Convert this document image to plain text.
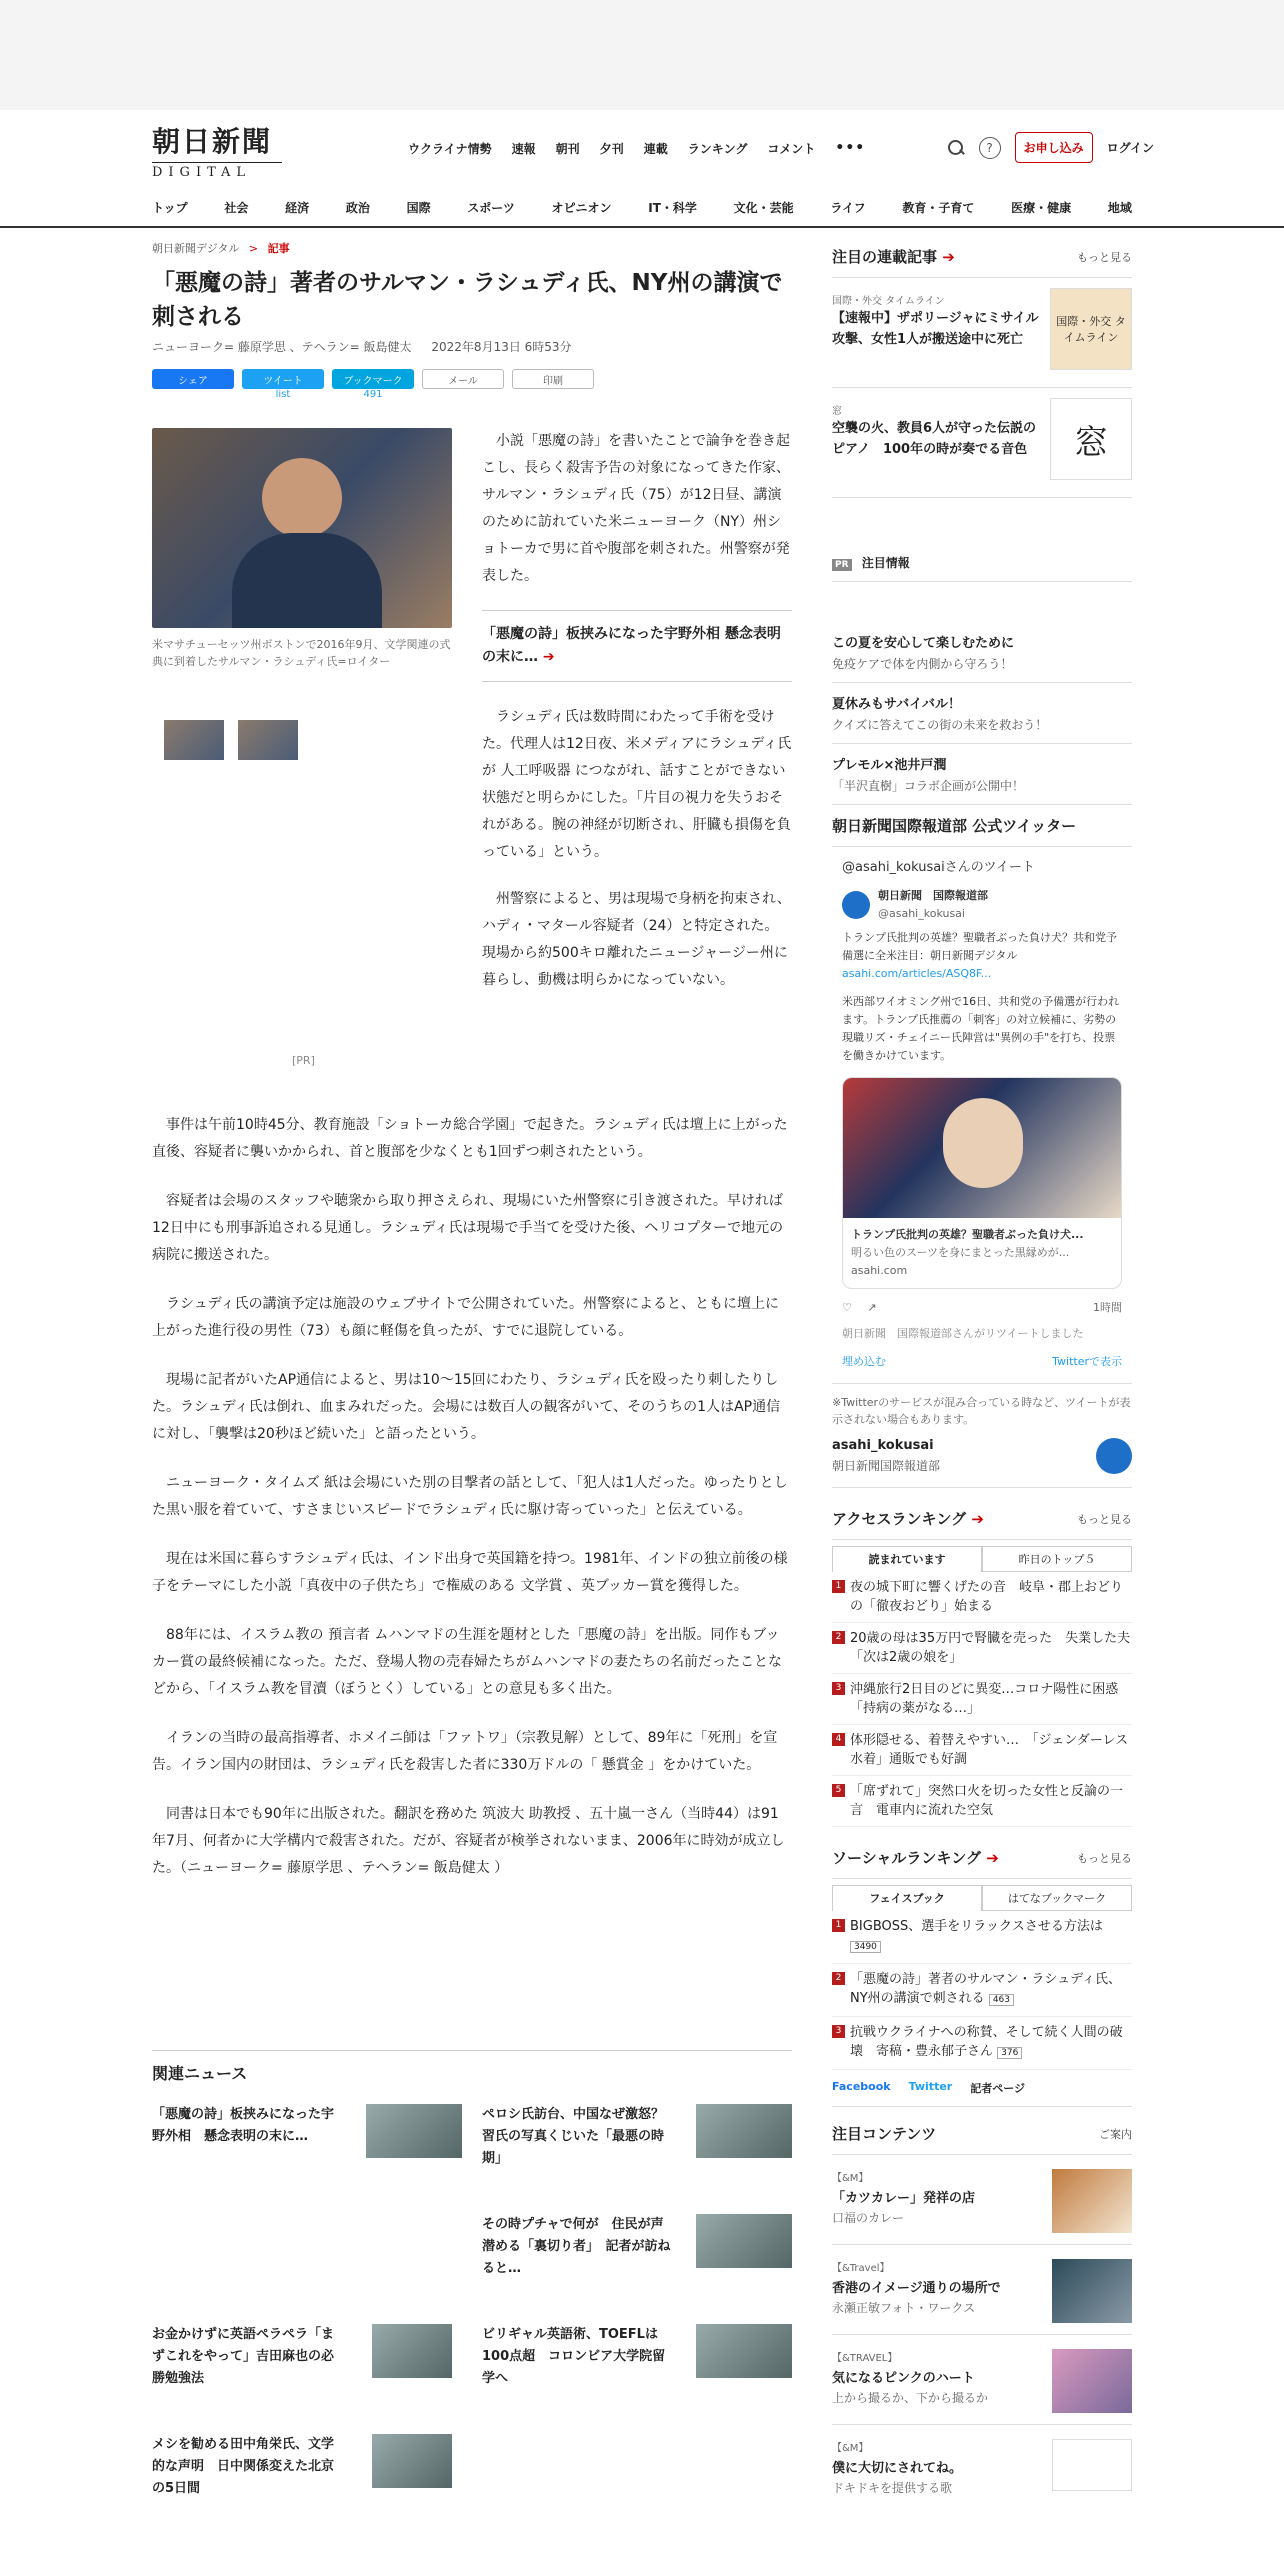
朝日新聞
DIGITAL
ウクライナ情勢 速報 朝刊 夕刊 連載 ランキング コメント •••	?	お申し込み	ログイン
トップ	社会	経済	政治	国際	スポーツ	オピニオン	IT・科学	文化・芸能	ライフ	教育・子育て	医療・健康	地域
朝日新聞デジタル > 記事
「悪魔の詩」著者のサルマン・ラシュディ氏、NY州の講演で刺される
ニューヨーク= 藤原学思 、テヘラン= 飯島健太 2022年8月13日 6時53分
シェア	ツイート	ブックマーク	メール	印刷
list	491
米マサチューセッツ州ボストンで2016年9月、文学関連の式典に到着したサルマン・ラシュディ氏=ロイター
[PR]

小説「悪魔の詩」を書いたことで論争を巻き起こし、長らく殺害予告の対象になってきた作家、サルマン・ラシュディ氏（75）が12日昼、講演のために訪れていた米ニューヨーク（NY）州ショトーカで男に首や腹部を刺された。州警察が発表した。

「悪魔の詩」板挟みになった宇野外相 懸念表明の末に… ➔

ラシュディ氏は数時間にわたって手術を受けた。代理人は12日夜、米メディアにラシュディ氏が 人工呼吸器 につながれ、話すことができない状態だと明らかにした。「片目の視力を失うおそれがある。腕の神経が切断され、肝臓も損傷を負っている」という。

州警察によると、男は現場で身柄を拘束され、ハディ・マタール容疑者（24）と特定された。現場から約500キロ離れたニュージャージー州に暮らし、動機は明らかになっていない。

事件は午前10時45分、教育施設「ショトーカ総合学園」で起きた。ラシュディ氏は壇上に上がった直後、容疑者に襲いかかられ、首と腹部を少なくとも1回ずつ刺されたという。

容疑者は会場のスタッフや聴衆から取り押さえられ、現場にいた州警察に引き渡された。早ければ12日中にも刑事訴追される見通し。ラシュディ氏は現場で手当てを受けた後、ヘリコプターで地元の病院に搬送された。

ラシュディ氏の講演予定は施設のウェブサイトで公開されていた。州警察によると、ともに壇上に上がった進行役の男性（73）も顔に軽傷を負ったが、すでに退院している。

現場に記者がいたAP通信によると、男は10～15回にわたり、ラシュディ氏を殴ったり刺したりした。ラシュディ氏は倒れ、血まみれだった。会場には数百人の観客がいて、そのうちの1人はAP通信に対し、「襲撃は20秒ほど続いた」と語ったという。

ニューヨーク・タイムズ 紙は会場にいた別の目撃者の話として、「犯人は1人だった。ゆったりとした黒い服を着ていて、すさまじいスピードでラシュディ氏に駆け寄っていった」と伝えている。

現在は米国に暮らすラシュディ氏は、インド出身で英国籍を持つ。1981年、インドの独立前後の様子をテーマにした小説「真夜中の子供たち」で権威のある 文学賞 、英ブッカー賞を獲得した。

88年には、イスラム教の 預言者 ムハンマドの生涯を題材とした「悪魔の詩」を出版。同作もブッカー賞の最終候補になった。ただ、登場人物の売春婦たちがムハンマドの妻たちの名前だったことなどから、「イスラム教を冒瀆（ぼうとく）している」との意見も多く出た。

イランの当時の最高指導者、ホメイニ師は「ファトワ」（宗教見解）として、89年に「死刑」を宣告。イラン国内の財団は、ラシュディ氏を殺害した者に330万ドルの「 懸賞金 」をかけていた。

同書は日本でも90年に出版された。翻訳を務めた 筑波大 助教授 、五十嵐一さん（当時44）は91年7月、何者かに大学構内で殺害された。だが、容疑者が検挙されないまま、2006年に時効が成立した。（ニューヨーク= 藤原学思 、テヘラン= 飯島健太 ）

関連ニュース
「悪魔の詩」板挟みになった宇野外相　懸念表明の末に…
ペロシ氏訪台、中国なぜ激怒？　習氏の写真くじいた「最悪の時期」
その時プチャで何が　住民が声潜める「裏切り者」　記者が訪ねると…
お金かけずに英語ペラペラ「まずこれをやって」吉田麻也の必勝勉強法
ビリギャル英語術、TOEFLは100点超　コロンビア大学院留学へ
メシを勧める田中角栄氏、文学的な声明　日中関係変えた北京の5日間
注目の連載記事 ➔	もっと見る
国際・外交 タイムライン
【速報中】ザポリージャにミサイル攻撃、女性1人が搬送途中に死亡
国際・外交 タイムライン
窓
空襲の火、教員6人が守った伝説のピアノ　100年の時が奏でる音色	窓
PR 注目情報
この夏を安心して楽しむために
免疫ケアで体を内側から守ろう！
夏休みもサバイバル！
クイズに答えてこの街の未来を救おう！
プレモル×池井戸潤
「半沢直樹」コラボ企画が公開中！
朝日新聞国際報道部 公式ツイッター
@asahi_kokusaiさんのツイート
朝日新聞　国際報道部
@asahi_kokusai
トランプ氏批判の英雄？聖職者ぶった負け犬？共和党予備選に全米注目：朝日新聞デジタル
asahi.com/articles/ASQ8F...
米西部ワイオミング州で16日、共和党の予備選が行われます。トランプ氏推薦の「刺客」の対立候補に、劣勢の現職リズ・チェイニー氏陣営は"異例の手"を打ち、投票を働きかけています。
トランプ氏批判の英雄？聖職者ぶった負け犬...
明るい色のスーツを身にまとった黒縁めが...
asahi.com
♡ ↗	1時間
朝日新聞　国際報道部さんがリツイートしました
埋め込む	Twitterで表示
※Twitterのサービスが混み合っている時など、ツイートが表示されない場合もあります。
asahi_kokusai
朝日新聞国際報道部
アクセスランキング ➔	もっと見る
読まれています	昨日のトップ５
1 夜の城下町に響くげたの音　岐阜・郡上おどりの「徹夜おどり」始まる
2 20歳の母は35万円で腎臓を売った　失業した夫「次は2歳の娘を」
3 沖縄旅行2日目のどに異変…コロナ陽性に困惑「持病の薬がなる…」
4 体形隠せる、着替えやすい…　「ジェンダーレス水着」通販でも好調
5 「席ずれて」突然口火を切った女性と反論の一言　電車内に流れた空気
ソーシャルランキング ➔	もっと見る
フェイスブック	はてなブックマーク
1 BIGBOSS、選手をリラックスさせる方法は 3490
2 「悪魔の詩」著者のサルマン・ラシュディ氏、NY州の講演で刺される 463
3 抗戦ウクライナへの称賛、そして続く人間の破壊　寄稿・豊永郁子さん 376
Facebook Twitter 記者ページ
注目コンテンツ	ご案内
【&M】
「カツカレー」発祥の店
口福のカレー
【&Travel】
香港のイメージ通りの場所で
永瀬正敏フォト・ワークス
【&TRAVEL】
気になるピンクのハート
上から撮るか、下から撮るか
【&M】
僕に大切にされてね。
ドキドキを提供する歌
